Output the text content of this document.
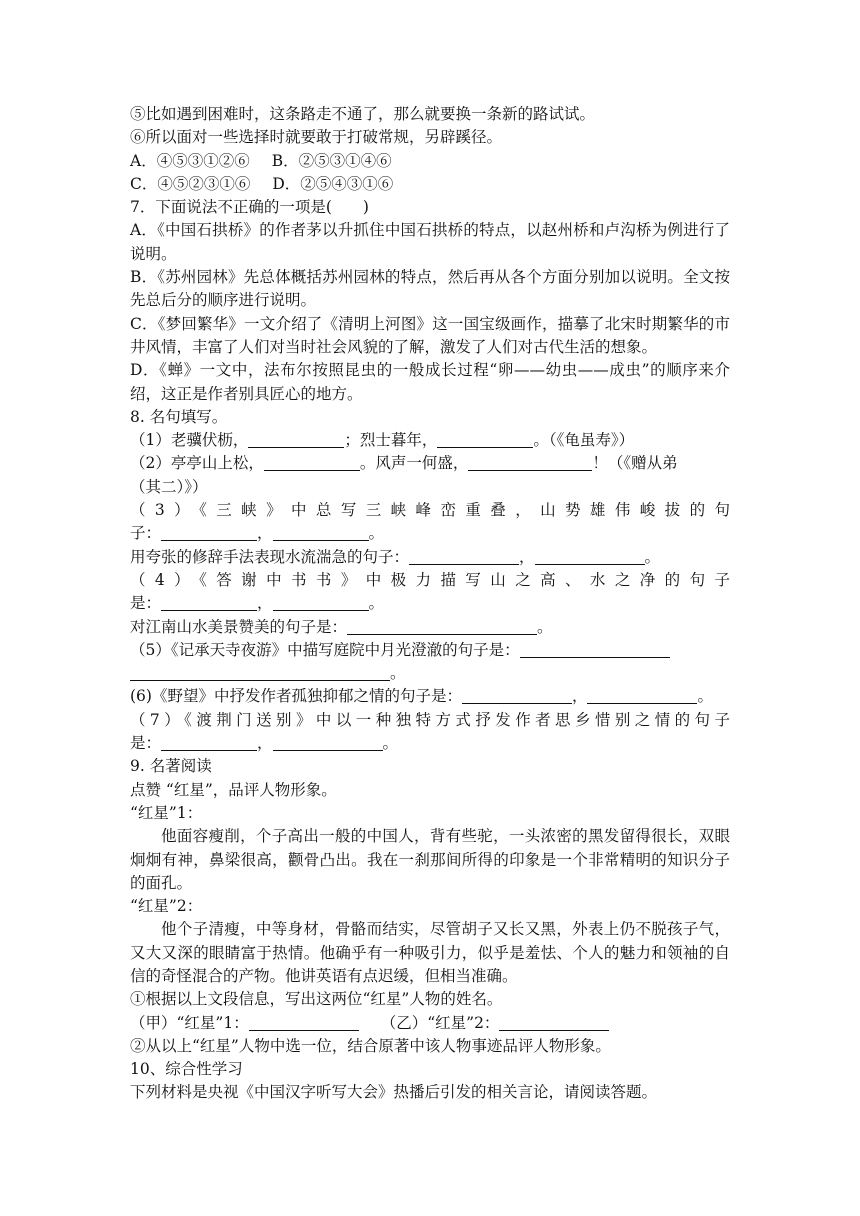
⑤比如遇到困难时，这条路走不通了，那么就要换一条新的路试试。
⑥所以面对一些选择时就要敢于打破常规，另辟蹊径。
A．④⑤③①②⑥ B．②⑤③①④⑥
C．④⑤②③①⑥ D．②⑤④③①⑥
7．下面说法不正确的一项是(　　)
A．《中国石拱桥》的作者茅以升抓住中国石拱桥的特点，以赵州桥和卢沟桥为例进行了说明。
B．《苏州园林》先总体概括苏州园林的特点，然后再从各个方面分别加以说明。全文按先总后分的顺序进行说明。
C．《梦回繁华》一文介绍了《清明上河图》这一国宝级画作，描摹了北宋时期繁华的市井风情，丰富了人们对当时社会风貌的了解，激发了人们对古代生活的想象。
D．《蝉》一文中，法布尔按照昆虫的一般成长过程“卵——幼虫——成虫”的顺序来介绍，这正是作者别具匠心的地方。
8. 名句填写。
（1）老骥伏枥，	；烈士暮年，	。（《龟虽寿》）
（2）亭亭山上松，	。风声一何盛，	！（《赠从弟
（其二）》）
（3）《三峡》中总写三峡峰峦重叠，山势雄伟峻拔的句
子：	，	。
用夸张的修辞手法表现水流湍急的句子：	，	。
（4）《答谢中书书》中极力描写山之高、水之净的句子
是：	，	。
对江南山水美景赞美的句子是：	。
（5）《记承天寺夜游》中描写庭院中月光澄澈的句子是：
。
(6)《野望》中抒发作者孤独抑郁之情的句子是：	，	。
（7）《渡荆门送别》中以一种独特方式抒发作者思乡惜别之情的句子
是：	，	。
9. 名著阅读
点赞 “红星”，品评人物形象。
“红星”1：
他面容瘦削，个子高出一般的中国人，背有些驼，一头浓密的黑发留得很长，双眼炯炯有神，鼻梁很高，颧骨凸出。我在一刹那间所得的印象是一个非常精明的知识分子的面孔。
“红星”2：
他个子清瘦，中等身材，骨骼而结实，尽管胡子又长又黑，外表上仍不脱孩子气，又大又深的眼睛富于热情。他确乎有一种吸引力，似乎是羞怯、个人的魅力和领袖的自信的奇怪混合的产物。他讲英语有点迟缓，但相当准确。
①根据以上文段信息，写出这两位“红星”人物的姓名。
（甲）“红星”1：	（乙）“红星”2：
②从以上“红星”人物中选一位，结合原著中该人物事迹品评人物形象。
10、综合性学习
下列材料是央视《中国汉字听写大会》热播后引发的相关言论，请阅读答题。
